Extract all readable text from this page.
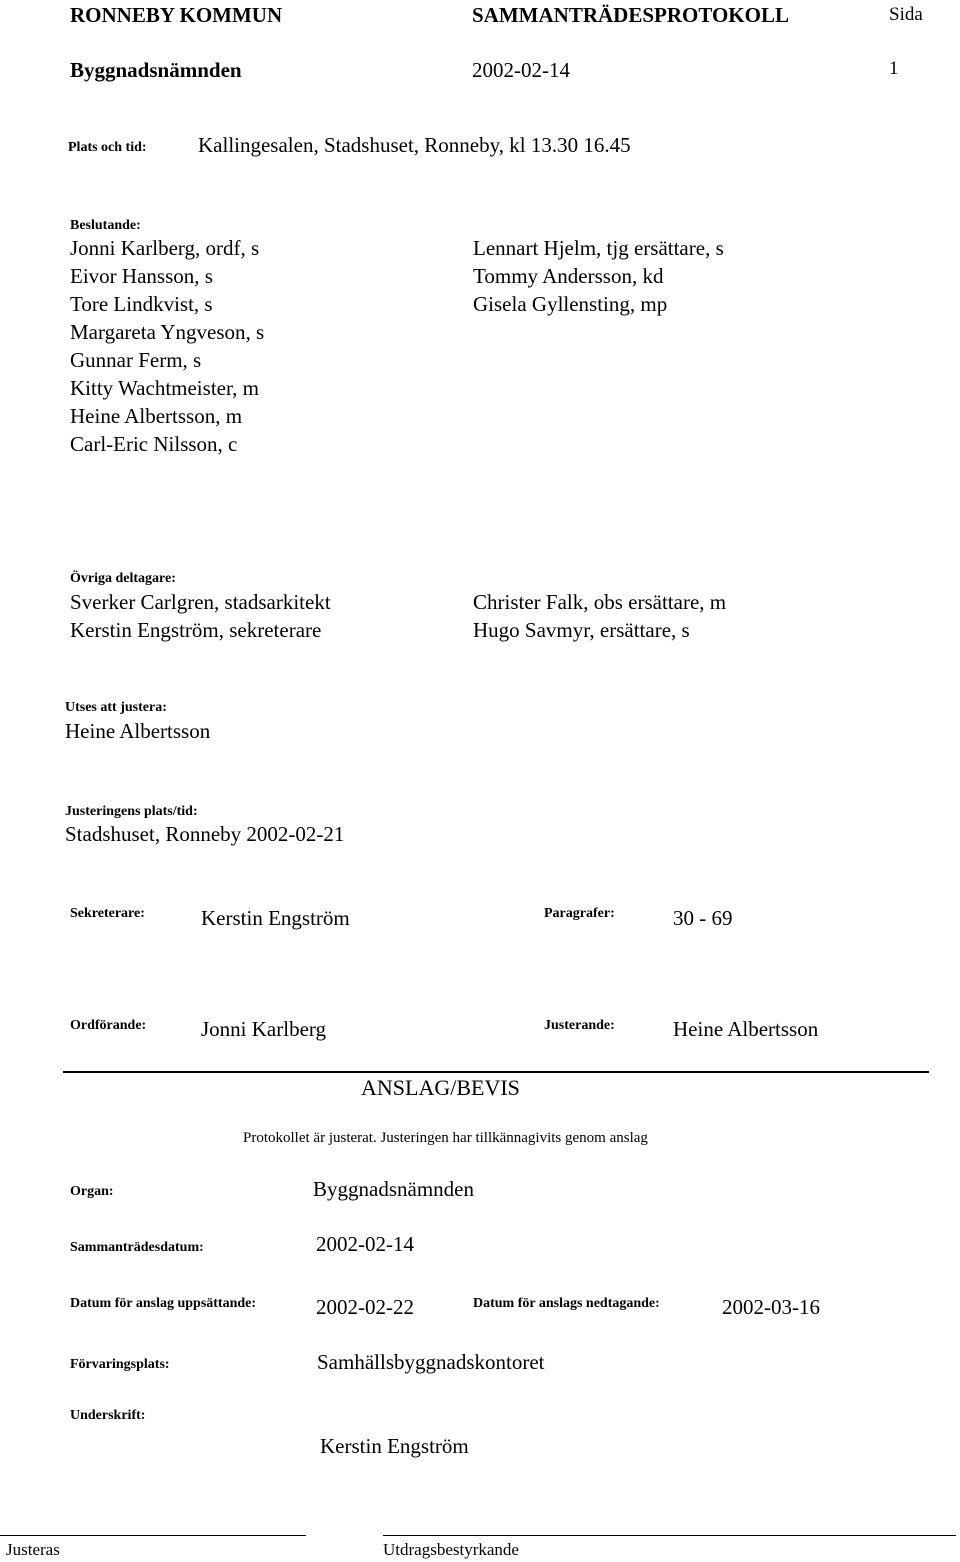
RONNEBY KOMMUN	SAMMANTRÄDESPROTOKOLL	Sida
Byggnadsnämnden	2002-02-14	1
Plats och tid: Kallingesalen, Stadshuset, Ronneby, kl 13.30 16.45
Beslutande:
Jonni Karlberg, ordf, s
Eivor Hansson, s
Tore Lindkvist, s
Margareta Yngveson, s
Gunnar Ferm, s
Kitty Wachtmeister, m
Heine Albertsson, m
Carl-Eric Nilsson, c
Lennart Hjelm, tjg ersättare, s
Tommy Andersson, kd
Gisela Gyllensting, mp
Övriga deltagare:
Sverker Carlgren, stadsarkitekt
Kerstin Engström, sekreterare
Christer Falk, obs ersättare, m
Hugo Savmyr, ersättare, s
Utses att justera:
Heine Albertsson
Justeringens plats/tid:
Stadshuset, Ronneby 2002-02-21
Sekreterare:	Kerstin Engström	Paragrafer:	30 - 69
Ordförande:	Jonni Karlberg	Justerande:	Heine Albertsson
ANSLAG/BEVIS
Protokollet är justerat. Justeringen har tillkännagivits genom anslag
Organ:	Byggnadsnämnden
Sammanträdesdatum:	2002-02-14
Datum för anslag uppsättande:	2002-02-22	Datum för anslags nedtagande:	2002-03-16
Förvaringsplats:	Samhällsbyggnadskontoret
Underskrift:
Kerstin Engström
Justeras	Utdragsbestyrkande
